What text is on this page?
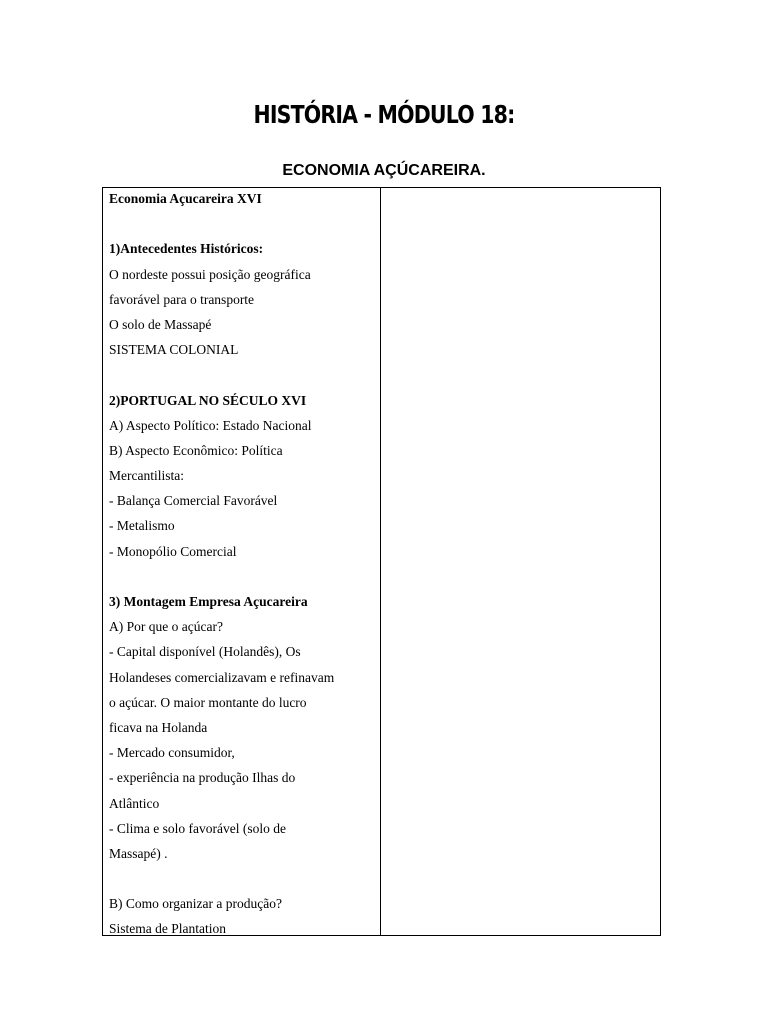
HISTÓRIA - MÓDULO 18:
ECONOMIA AÇÚCAREIRA.
Economia Açucareira XVI

1)Antecedentes Históricos:
O nordeste possui posição geográfica
favorável para o transporte
O solo de Massapé
SISTEMA COLONIAL

2)PORTUGAL NO SÉCULO XVI
A) Aspecto Político: Estado Nacional
B) Aspecto Econômico: Política
Mercantilista:
- Balança Comercial Favorável
- Metalismo
- Monopólio Comercial

3) Montagem Empresa Açucareira
A) Por que o açúcar?
- Capital disponível (Holandês), Os
Holandeses comercializavam e refinavam
o açúcar. O maior montante do lucro
ficava na Holanda
- Mercado consumidor,
- experiência na produção Ilhas do
Atlântico
- Clima e solo favorável (solo de
Massapé) .

B) Como organizar a produção?
Sistema de Plantation
